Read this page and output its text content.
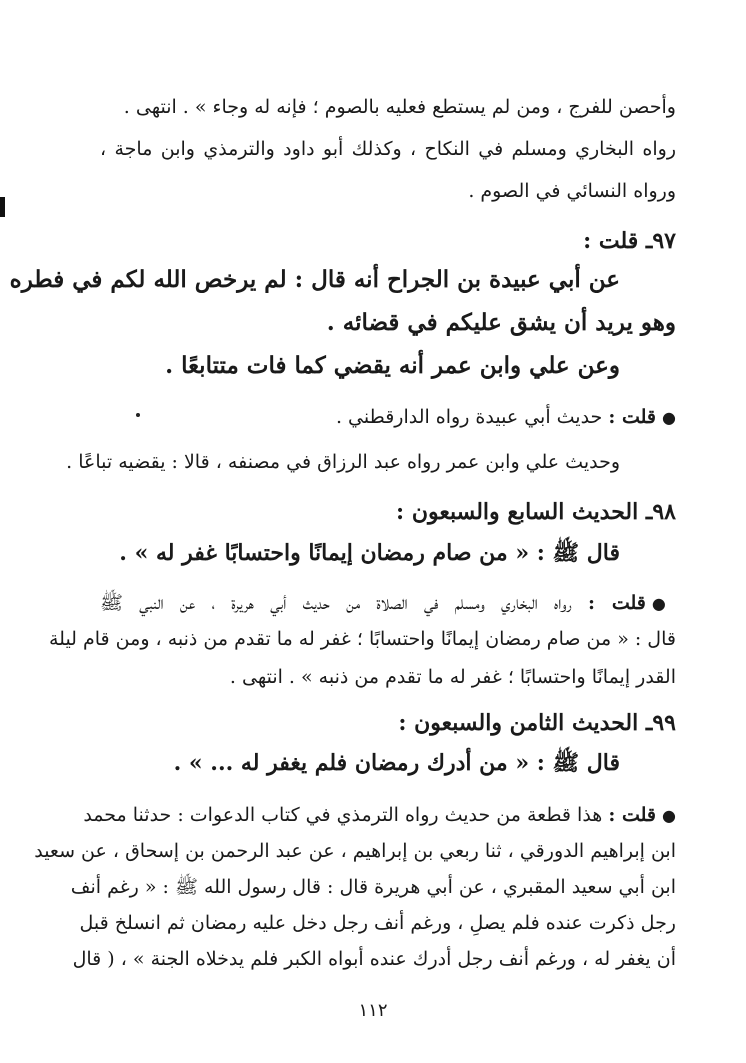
وأحصن للفرج ، ومن لم يستطع فعليه بالصوم ؛ فإنه له وجاء » . انتهى .
رواه البخاري ومسلم في النكاح ، وكذلك أبو داود والترمذي وابن ماجة ،
ورواه النسائي في الصوم .
٩٧ـ قلت :
عن أبي عبيدة بن الجراح أنه قال : لم يرخص الله لكم في فطره
وهو يريد أن يشق عليكم في قضائه .
وعن علي وابن عمر أنه يقضي كما فات متتابعًا .
●قلت : حديث أبي عبيدة رواه الدارقطني .
وحديث علي وابن عمر رواه عبد الرزاق في مصنفه ، قالا : يقضيه تباعًا .
٩٨ـ الحديث السابع والسبعون :
قال ﷺ : « من صام رمضان إيمانًا واحتسابًا غفر له » .
●قلت : رواه البخاري ومسلم في الصلاة من حديث أبي هريرة ، عن النبي ﷺ
قال : « من صام رمضان إيمانًا واحتسابًا ؛ غفر له ما تقدم من ذنبه ، ومن قام ليلة
القدر إيمانًا واحتسابًا ؛ غفر له ما تقدم من ذنبه » . انتهى .
٩٩ـ الحديث الثامن والسبعون :
قال ﷺ : « من أدرك رمضان فلم يغفر له ... » .
●قلت : هذا قطعة من حديث رواه الترمذي في كتاب الدعوات : حدثنا محمد
ابن إبراهيم الدورقي ، ثنا ربعي بن إبراهيم ، عن عبد الرحمن بن إسحاق ، عن سعيد
ابن أبي سعيد المقبري ، عن أبي هريرة قال : قال رسول الله ﷺ : « رغم أنف
رجل ذكرت عنده فلم يصلِ ، ورغم أنف رجل دخل عليه رمضان ثم انسلخ قبل
أن يغفر له ، ورغم أنف رجل أدرك عنده أبواه الكبر فلم يدخلاه الجنة » ، ( قال
١١٢
